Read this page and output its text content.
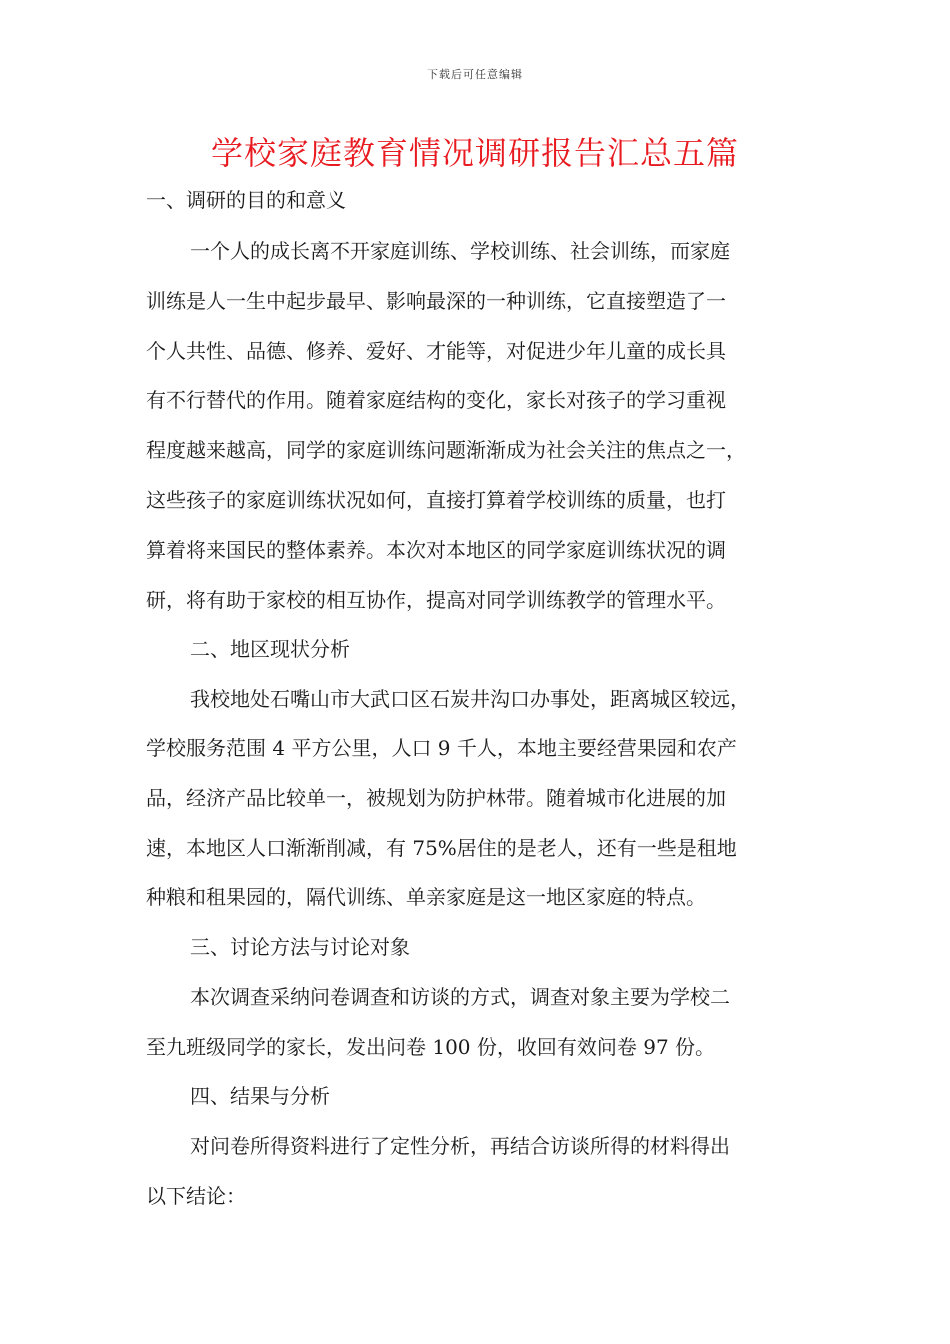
下载后可任意编辑
学校家庭教育情况调研报告汇总五篇
一、调研的目的和意义
一个人的成长离不开家庭训练、学校训练、社会训练，而家庭
训练是人一生中起步最早、影响最深的一种训练，它直接塑造了一
个人共性、品德、修养、爱好、才能等，对促进少年儿童的成长具
有不行替代的作用。随着家庭结构的变化，家长对孩子的学习重视
程度越来越高，同学的家庭训练问题渐渐成为社会关注的焦点之一，
这些孩子的家庭训练状况如何，直接打算着学校训练的质量，也打
算着将来国民的整体素养。本次对本地区的同学家庭训练状况的调
研，将有助于家校的相互协作，提高对同学训练教学的管理水平。
二、地区现状分析
我校地处石嘴山市大武口区石炭井沟口办事处，距离城区较远，
学校服务范围 4 平方公里，人口 9 千人，本地主要经营果园和农产
品，经济产品比较单一，被规划为防护林带。随着城市化进展的加
速，本地区人口渐渐削减，有 75%居住的是老人，还有一些是租地
种粮和租果园的，隔代训练、单亲家庭是这一地区家庭的特点。
三、讨论方法与讨论对象
本次调查采纳问卷调查和访谈的方式，调查对象主要为学校二
至九班级同学的家长，发出问卷 100 份，收回有效问卷 97 份。
四、结果与分析
对问卷所得资料进行了定性分析，再结合访谈所得的材料得出
以下结论：
